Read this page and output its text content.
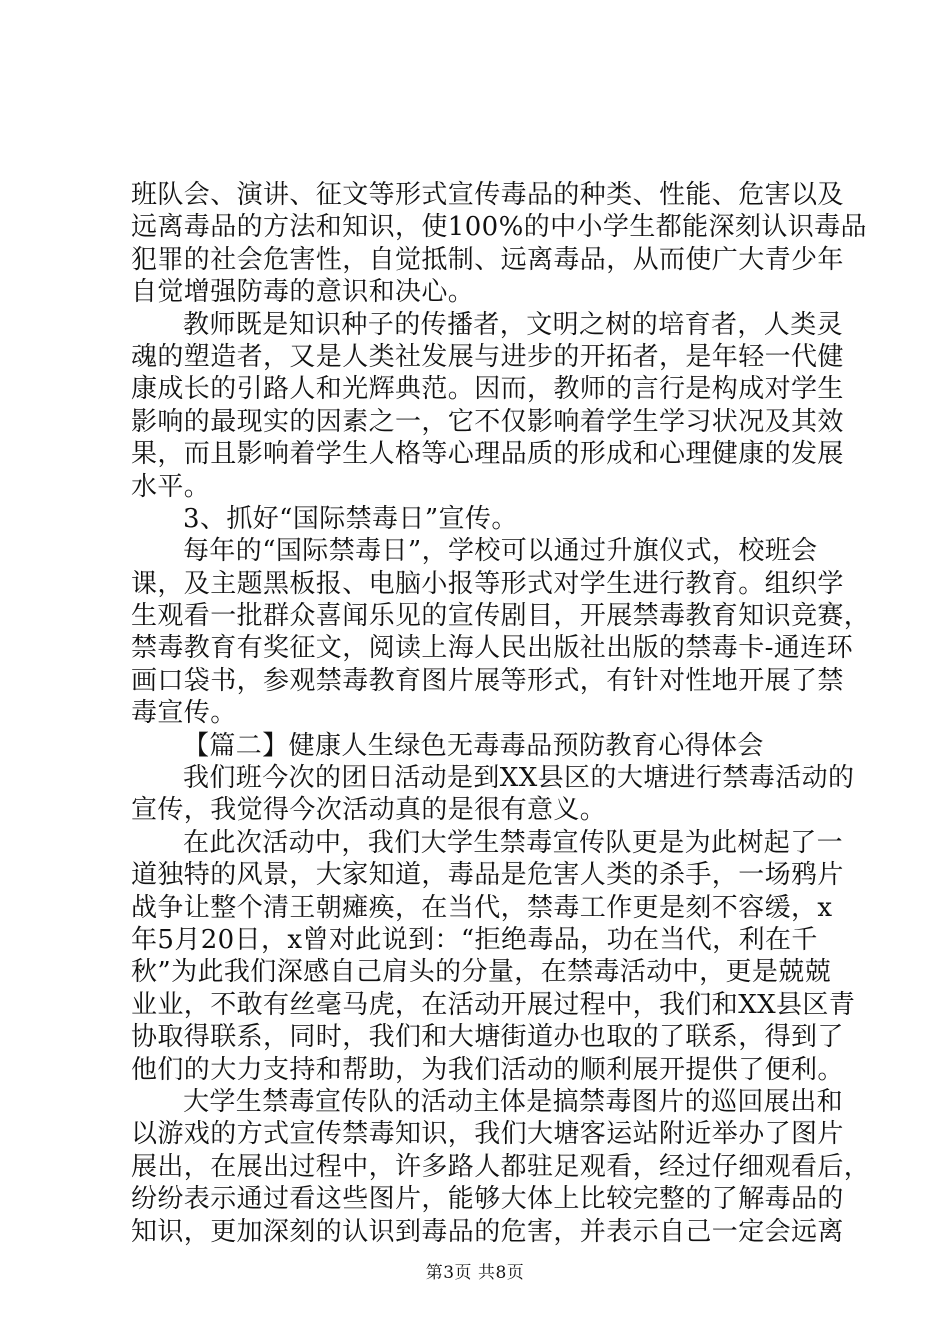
班队会、演讲、征文等形式宣传毒品的种类、性能、危害以及
远离毒品的方法和知识，使100%的中小学生都能深刻认识毒品
犯罪的社会危害性，自觉抵制、远离毒品，从而使广大青少年
自觉增强防毒的意识和决心。
教师既是知识种子的传播者，文明之树的培育者，人类灵
魂的塑造者，又是人类社发展与进步的开拓者，是年轻一代健
康成长的引路人和光辉典范。因而，教师的言行是构成对学生
影响的最现实的因素之一，它不仅影响着学生学习状况及其效
果，而且影响着学生人格等心理品质的形成和心理健康的发展
水平。
3、抓好“国际禁毒日”宣传。
每年的“国际禁毒日”，学校可以通过升旗仪式，校班会
课，及主题黑板报、电脑小报等形式对学生进行教育。组织学
生观看一批群众喜闻乐见的宣传剧目，开展禁毒教育知识竞赛，
禁毒教育有奖征文，阅读上海人民出版社出版的禁毒卡-通连环
画口袋书，参观禁毒教育图片展等形式，有针对性地开展了禁
毒宣传。
【篇二】健康人生绿色无毒毒品预防教育心得体会
我们班今次的团日活动是到XX县区的大塘进行禁毒活动的
宣传，我觉得今次活动真的是很有意义。
在此次活动中，我们大学生禁毒宣传队更是为此树起了一
道独特的风景，大家知道，毒品是危害人类的杀手，一场鸦片
战争让整个清王朝瘫痪，在当代，禁毒工作更是刻不容缓，x
年5月20日，x曾对此说到：“拒绝毒品，功在当代，利在千
秋”为此我们深感自己肩头的分量，在禁毒活动中，更是兢兢
业业，不敢有丝毫马虎，在活动开展过程中，我们和XX县区青
协取得联系，同时，我们和大塘街道办也取的了联系，得到了
他们的大力支持和帮助，为我们活动的顺利展开提供了便利。
大学生禁毒宣传队的活动主体是搞禁毒图片的巡回展出和
以游戏的方式宣传禁毒知识，我们大塘客运站附近举办了图片
展出，在展出过程中，许多路人都驻足观看，经过仔细观看后，
纷纷表示通过看这些图片，能够大体上比较完整的了解毒品的
知识，更加深刻的认识到毒品的危害，并表示自己一定会远离
第3页 共8页
